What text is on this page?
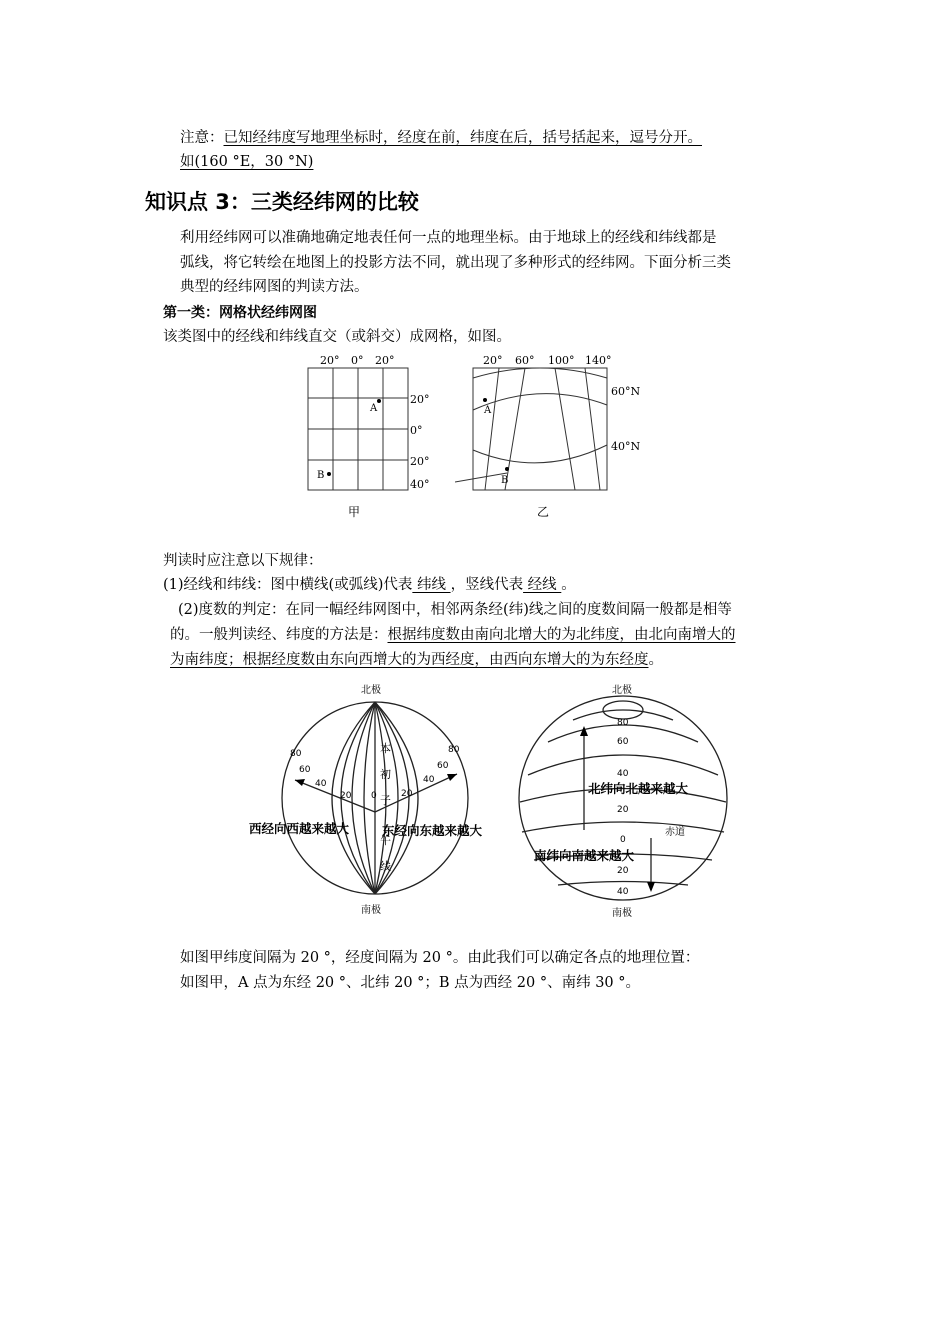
注意：已知经纬度写地理坐标时，经度在前，纬度在后，括号括起来，逗号分开。
如(160 °E，30 °N)
知识点 3：三类经纬网的比较
利用经纬网可以准确地确定地表任何一点的地理坐标。由于地球上的经线和纬线都是
弧线，将它转绘在地图上的投影方法不同，就出现了多种形式的经纬网。下面分析三类
典型的经纬网图的判读方法。
第一类：网格状经纬网图
该类图中的经线和纬线直交（或斜交）成网格，如图。
20° 0° 20°
20°
0°
20°
40°
A
B
甲
20° 60° 100° 140°
60°N
40°N
A
B
乙
判读时应注意以下规律：
(1)经线和纬线：图中横线(或弧线)代表 纬线 ，竖线代表 经线 。
(2)度数的判定：在同一幅经纬网图中，相邻两条经(纬)线之间的度数间隔一般都是相等
的。一般判读经、纬度的方法是：根据纬度数由南向北增大的为北纬度，由北向南增大的
为南纬度；根据经度数由东向西增大的为西经度，由西向东增大的为东经度。
北极
南极
本
初
子
午
线
0
80
60
40
20	20
40
60
80
西经向西越来越大	东经向东越来越大
北极
南极
80
60
40
20
0
20
40
赤道
北纬向北越来越大
南纬向南越来越大
如图甲纬度间隔为 20 °，经度间隔为 20 °。由此我们可以确定各点的地理位置：
如图甲，A 点为东经 20 °、北纬 20 °；B 点为西经 20 °、南纬 30 °。
